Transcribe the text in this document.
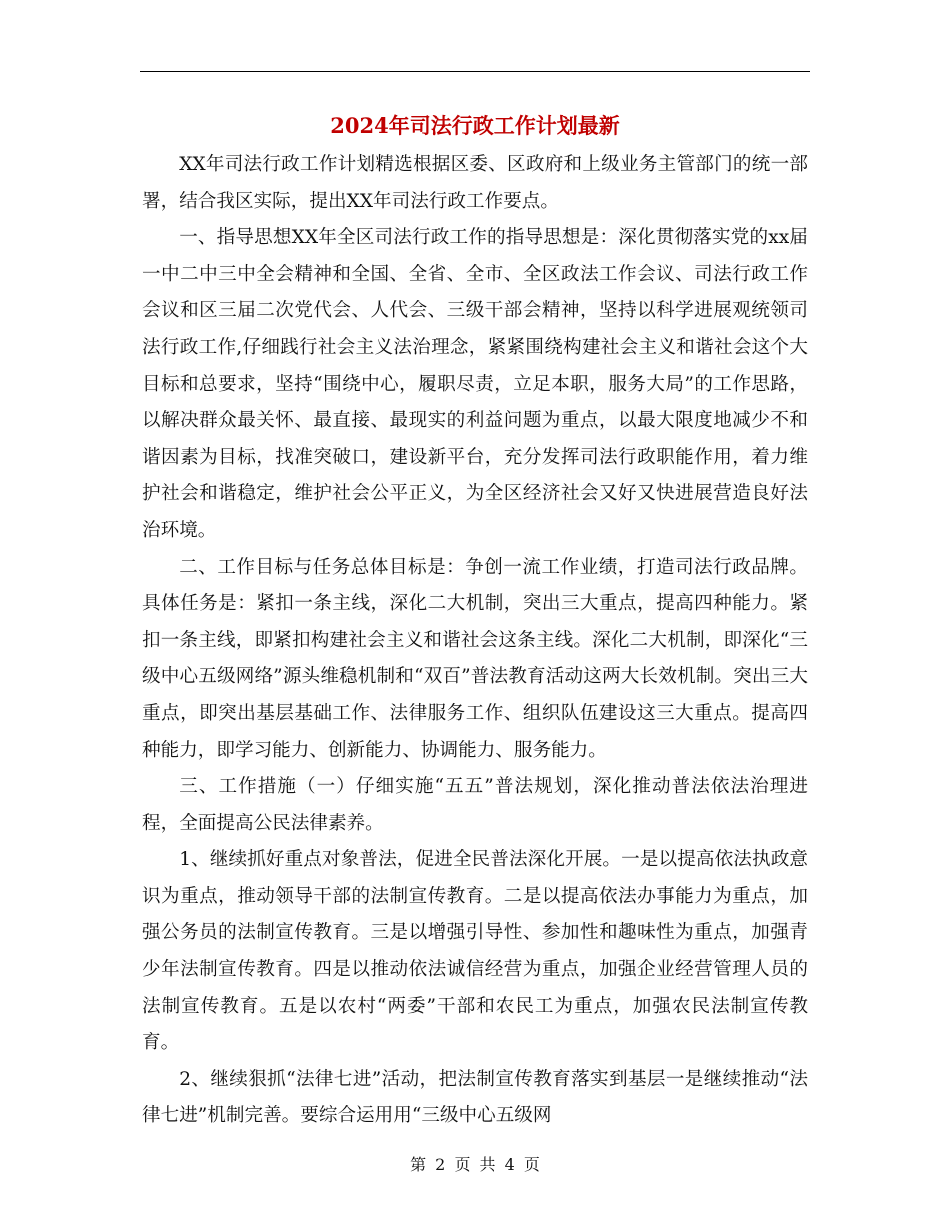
2024年司法行政工作计划最新

XX年司法行政工作计划精选根据区委、区政府和上级业务主管部门的统一部署，结合我区实际，提出XX年司法行政工作要点。

一、指导思想XX年全区司法行政工作的指导思想是：深化贯彻落实党的xx届一中二中三中全会精神和全国、全省、全市、全区政法工作会议、司法行政工作会议和区三届二次党代会、人代会、三级干部会精神，坚持以科学进展观统领司法行政工作,仔细践行社会主义法治理念，紧紧围绕构建社会主义和谐社会这个大目标和总要求，坚持“围绕中心，履职尽责，立足本职，服务大局”的工作思路，以解决群众最关怀、最直接、最现实的利益问题为重点，以最大限度地减少不和谐因素为目标，找准突破口，建设新平台，充分发挥司法行政职能作用，着力维护社会和谐稳定，维护社会公平正义，为全区经济社会又好又快进展营造良好法治环境。

二、工作目标与任务总体目标是：争创一流工作业绩，打造司法行政品牌。具体任务是：紧扣一条主线，深化二大机制，突出三大重点，提高四种能力。紧扣一条主线，即紧扣构建社会主义和谐社会这条主线。深化二大机制，即深化“三级中心五级网络”源头维稳机制和“双百”普法教育活动这两大长效机制。突出三大重点，即突出基层基础工作、法律服务工作、组织队伍建设这三大重点。提高四种能力，即学习能力、创新能力、协调能力、服务能力。

三、工作措施（一）仔细实施“五五”普法规划，深化推动普法依法治理进程，全面提高公民法律素养。

1、继续抓好重点对象普法，促进全民普法深化开展。一是以提高依法执政意识为重点，推动领导干部的法制宣传教育。二是以提高依法办事能力为重点，加强公务员的法制宣传教育。三是以增强引导性、参加性和趣味性为重点，加强青少年法制宣传教育。四是以推动依法诚信经营为重点，加强企业经营管理人员的法制宣传教育。五是以农村“两委”干部和农民工为重点，加强农民法制宣传教育。

2、继续狠抓“法律七进”活动，把法制宣传教育落实到基层一是继续推动“法律七进”机制完善。要综合运用用“三级中心五级网

第 2 页 共 4 页
